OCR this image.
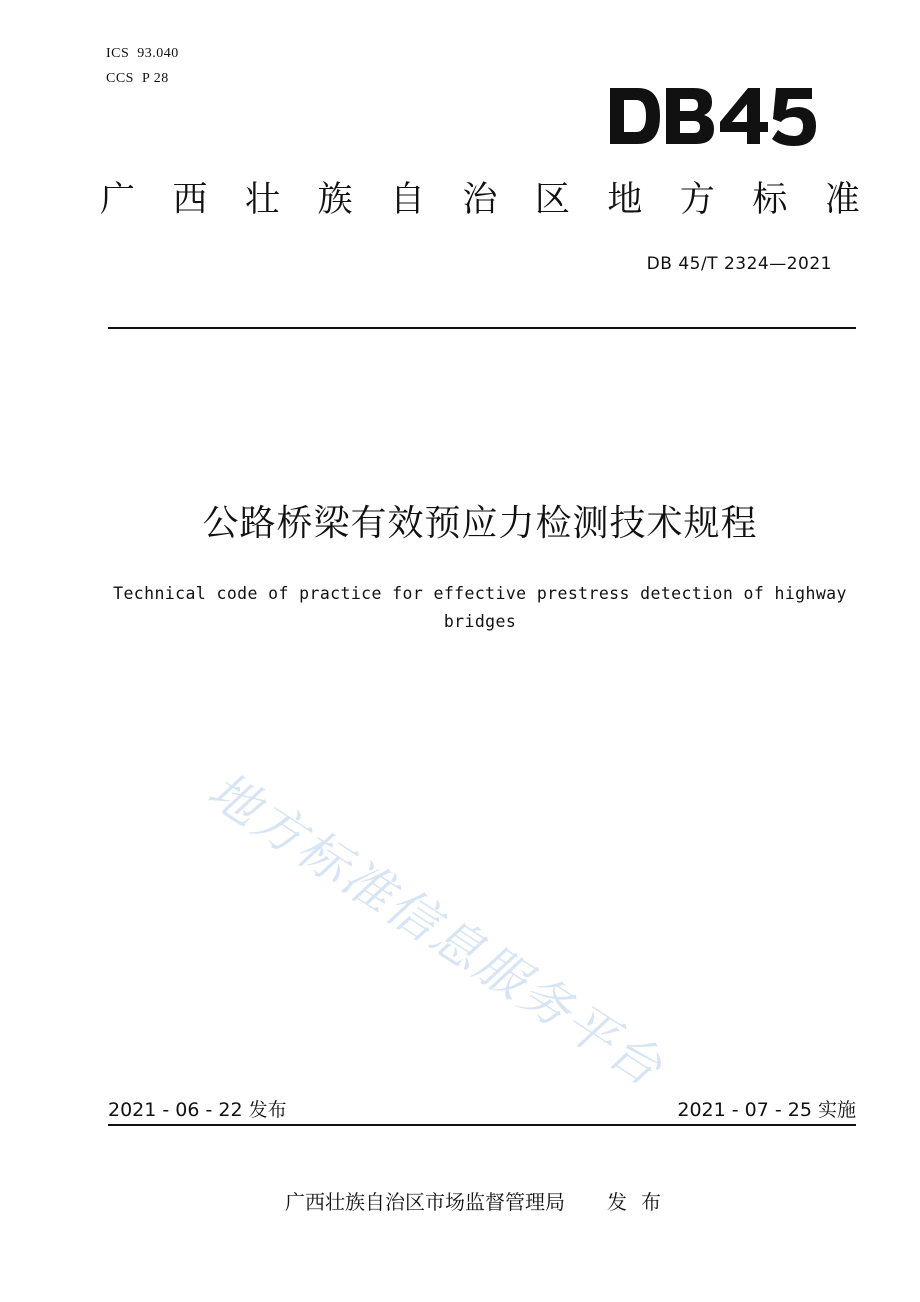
ICS 93.040
CCS P 28
广 西 壮 族 自 治 区 地 方 标 准
DB 45/T 2324—2021
公路桥梁有效预应力检测技术规程
Technical code of practice for effective prestress detection of highway
bridges
地方标准信息服务平台
2021 - 06 - 22 发布	2021 - 07 - 25 实施
广西壮族自治区市场监督管理局 发布
